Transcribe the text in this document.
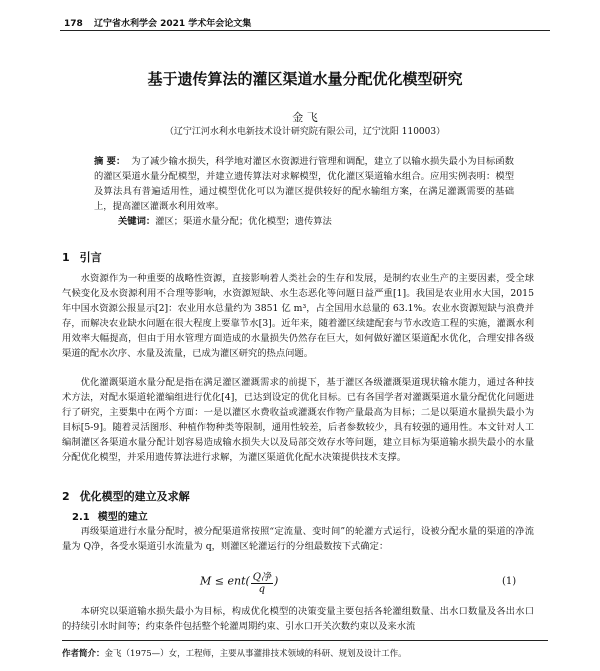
178 辽宁省水利学会 2021 学术年会论文集
基于遗传算法的灌区渠道水量分配优化模型研究
金 飞
（辽宁江河水利水电新技术设计研究院有限公司，辽宁沈阳 110003）
摘 要： 为了减少输水损失，科学地对灌区水资源进行管理和调配，建立了以输水损失最小为目标函数的灌区渠道水量分配模型，并建立遗传算法对求解模型，优化灌区渠道输水组合。应用实例表明：模型及算法具有普遍适用性，通过模型优化可以为灌区提供较好的配水输组方案，在满足灌溉需要的基础上，提高灌区灌溉水利用效率。
关键词：灌区；渠道水量分配；优化模型；遗传算法
1 引言
水资源作为一种重要的战略性资源，直接影响着人类社会的生存和发展，是制约农业生产的主要因素，受全球气候变化及水资源利用不合理等影响，水资源短缺、水生态恶化等问题日益严重[1]。我国是农业用水大国，2015 年中国水资源公报显示[2]：农业用水总量约为 3851 亿 m³，占全国用水总量的 63.1%。农业水资源短缺与浪费并存，而解决农业缺水问题在很大程度上要靠节水[3]。近年来，随着灌区续建配套与节水改造工程的实施，灌溉水利用效率大幅提高，但由于用水管理方面造成的水量损失仍然存在巨大，如何做好灌区渠道配水优化，合理安排各级渠道的配水次序、水量及流量，已成为灌区研究的热点问题。
优化灌溉渠道水量分配是指在满足灌区灌溉需求的前提下，基于灌区各级灌溉渠道现状输水能力，通过各种技术方法，对配水渠道轮灌编组进行优化[4]，已达到设定的优化目标。已有各国学者对灌溉渠道水量分配优化问题进行了研究，主要集中在两个方面：一是以灌区水费收益或灌溉农作物产量最高为目标；二是以渠道水量损失最小为目标[5-9]。随着灵活图形、种植作物种类等限制，通用性较差，后者参数较少，具有较强的通用性。本文针对人工编制灌区各渠道水量分配计划容易造成输水损失大以及局部交效存水等问题，建立目标为渠道输水损失最小的水量分配优化模型，并采用遗传算法进行求解，为灌区渠道优化配水决策提供技术支撑。
2 优化模型的建立及求解
2.1 模型的建立
再级渠道进行水量分配时，被分配渠道常按照“定流量、变时间”的轮灌方式运行，设被分配水量的渠道的净流量为 Q净，各受水渠道引水流量为 q，则灌区轮灌运行的分组最数按下式确定：
$M \le ent( \frac{\text{Q净}}{q}$ )	(1)
本研究以渠道输水损失最小为目标，构成优化模型的决策变量主要包括各轮灌组数量、出水口数量及各出水口的持续引水时间等；约束条件包括整个轮灌周期约束、引水口开关次数约束以及来水流
作者简介：金飞（1975—）女，工程师，主要从事灌排技术领域的科研、规划及设计工作。
